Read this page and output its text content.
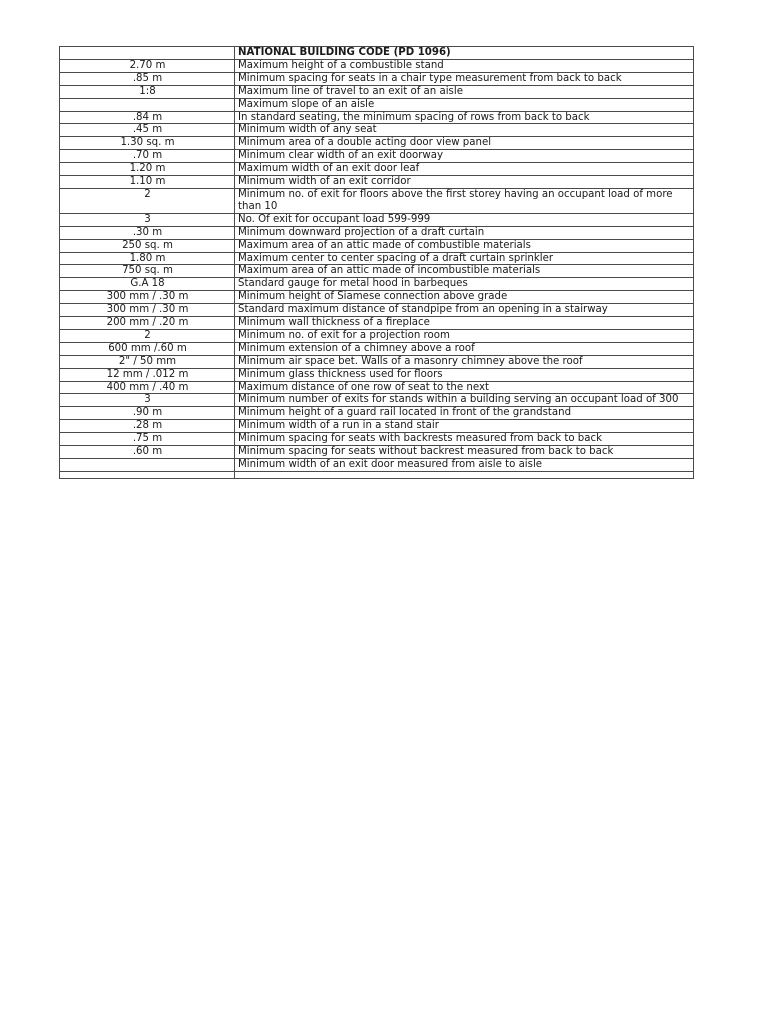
	NATIONAL BUILDING CODE (PD 1096)
2.70 m	Maximum height of a combustible stand
.85 m	Minimum spacing for seats in a chair type measurement from back to back
1:8	Maximum line of travel to an exit of an aisle
	Maximum slope of an aisle
.84 m	In standard seating, the minimum spacing of rows from back to back
.45 m	Minimum width of any seat
1.30 sq. m	Minimum area of a double acting door view panel
.70 m	Minimum clear width of an exit doorway
1.20 m	Maximum width of an exit door leaf
1.10 m	Minimum width of an exit corridor
2	Minimum no. of exit for floors above the first storey having an occupant load of more than 10
3	No. Of exit for occupant load 599-999
.30 m	Minimum downward projection of a draft curtain
250 sq. m	Maximum area of an attic made of combustible materials
1.80 m	Maximum center to center spacing of a draft curtain sprinkler
750 sq. m	Maximum area of an attic made of incombustible materials
G.A 18	Standard gauge for metal hood in barbeques
300 mm / .30 m	Minimum height of Siamese connection above grade
300 mm / .30 m	Standard maximum distance of standpipe from an opening in a stairway
200 mm / .20 m	Minimum wall thickness of a fireplace
2	Minimum no. of exit for a projection room
600 mm /.60 m	Minimum extension of a chimney above a roof
2" / 50 mm	Minimum air space bet. Walls of a masonry chimney above the roof
12 mm / .012 m	Minimum glass thickness used for floors
400 mm / .40 m	Maximum distance of one row of seat to the next
3	Minimum number of exits for stands within a building serving an occupant load of 300
.90 m	Minimum height of a guard rail located in front of the grandstand
.28 m	Minimum width of a run in a stand stair
.75 m	Minimum spacing for seats with backrests measured from back to back
.60 m	Minimum spacing for seats without backrest measured from back to back
	Minimum width of an exit door measured from aisle to aisle
